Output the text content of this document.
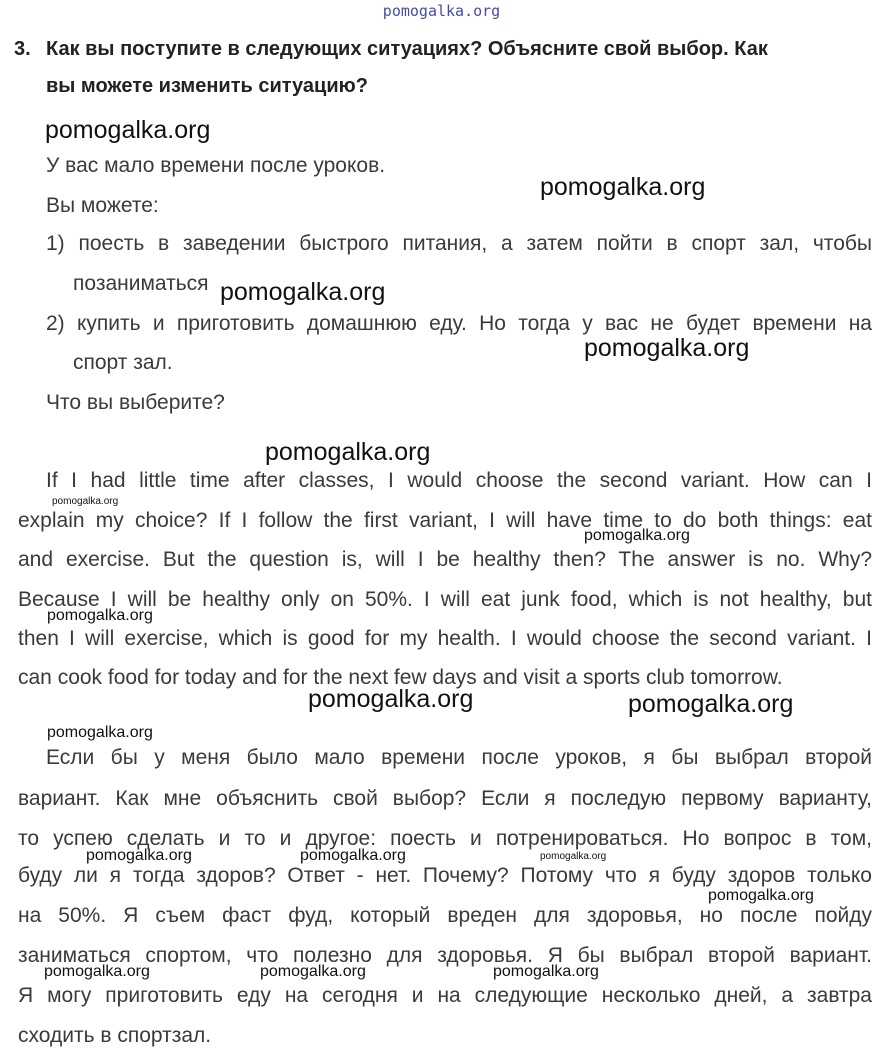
pomogalka.org
3. Как вы поступите в следующих ситуациях? Объясните свой выбор. Как
вы можете изменить ситуацию?
У вас мало времени после уроков.
Вы можете:
1) поесть в заведении быстрого питания, а затем пойти в спорт зал, чтобы
позаниматься
2) купить и приготовить домашнюю еду. Но тогда у вас не будет времени на
спорт зал.
Что вы выберите?
If I had little time after classes, I would choose the second variant. How can I
explain my choice? If I follow the first variant, I will have time to do both things: eat
and exercise. But the question is, will I be healthy then? The answer is no. Why?
Because I will be healthy only on 50%. I will eat junk food, which is not healthy, but
then I will exercise, which is good for my health. I would choose the second variant. I
can cook food for today and for the next few days and visit a sports club tomorrow.
Если бы у меня было мало времени после уроков, я бы выбрал второй
вариант. Как мне объяснить свой выбор? Если я последую первому варианту,
то успею сделать и то и другое: поесть и потренироваться. Но вопрос в том,
буду ли я тогда здоров? Ответ - нет. Почему? Потому что я буду здоров только
на 50%. Я съем фаст фуд, который вреден для здоровья, но после пойду
заниматься спортом, что полезно для здоровья. Я бы выбрал второй вариант.
Я могу приготовить еду на сегодня и на следующие несколько дней, а завтра
сходить в спортзал.
pomogalka.org
pomogalka.org
pomogalka.org
pomogalka.org
pomogalka.org
pomogalka.org
pomogalka.org
pomogalka.org
pomogalka.org	pomogalka.org
pomogalka.org
pomogalka.org	pomogalka.org	pomogalka.org
pomogalka.org
pomogalka.org	pomogalka.org	pomogalka.org
